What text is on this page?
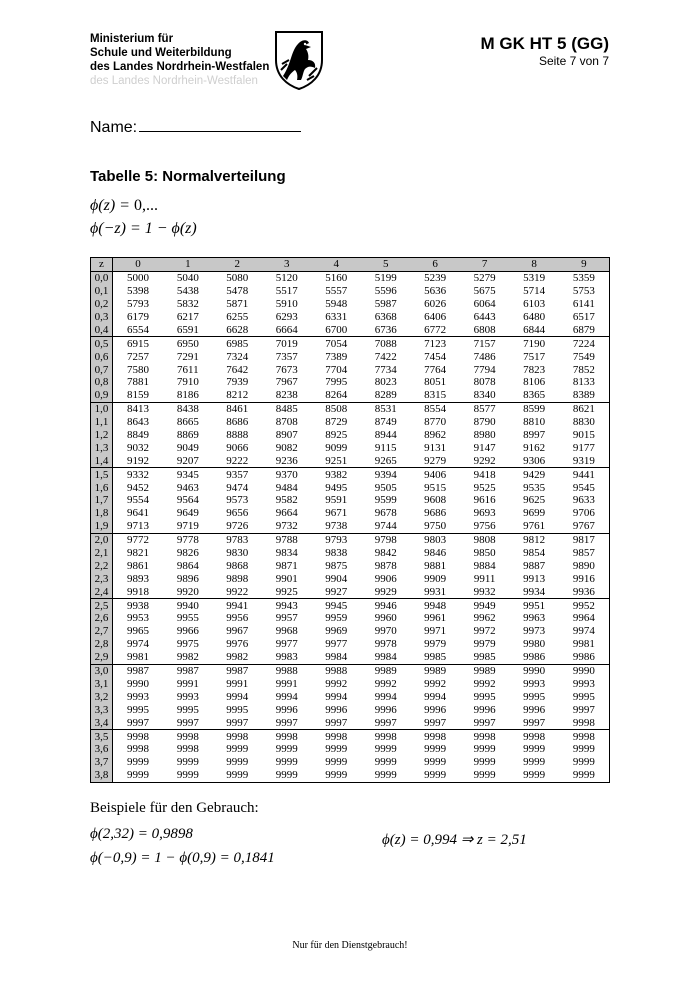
Ministerium für
Schule und Weiterbildung
des Landes Nordrhein-Westfalen
des Landes Nordrhein-Westfalen
M GK HT 5 (GG)
Seite 7 von 7
Name:
Tabelle 5: Normalverteilung
ϕ(z) = 0,...
ϕ(−z) = 1 − ϕ(z)
z	0	1	2	3	4	5	6	7	8	9
0,0	5000	5040	5080	5120	5160	5199	5239	5279	5319	5359
0,1	5398	5438	5478	5517	5557	5596	5636	5675	5714	5753
0,2	5793	5832	5871	5910	5948	5987	6026	6064	6103	6141
0,3	6179	6217	6255	6293	6331	6368	6406	6443	6480	6517
0,4	6554	6591	6628	6664	6700	6736	6772	6808	6844	6879
0,5	6915	6950	6985	7019	7054	7088	7123	7157	7190	7224
0,6	7257	7291	7324	7357	7389	7422	7454	7486	7517	7549
0,7	7580	7611	7642	7673	7704	7734	7764	7794	7823	7852
0,8	7881	7910	7939	7967	7995	8023	8051	8078	8106	8133
0,9	8159	8186	8212	8238	8264	8289	8315	8340	8365	8389
1,0	8413	8438	8461	8485	8508	8531	8554	8577	8599	8621
1,1	8643	8665	8686	8708	8729	8749	8770	8790	8810	8830
1,2	8849	8869	8888	8907	8925	8944	8962	8980	8997	9015
1,3	9032	9049	9066	9082	9099	9115	9131	9147	9162	9177
1,4	9192	9207	9222	9236	9251	9265	9279	9292	9306	9319
1,5	9332	9345	9357	9370	9382	9394	9406	9418	9429	9441
1,6	9452	9463	9474	9484	9495	9505	9515	9525	9535	9545
1,7	9554	9564	9573	9582	9591	9599	9608	9616	9625	9633
1,8	9641	9649	9656	9664	9671	9678	9686	9693	9699	9706
1,9	9713	9719	9726	9732	9738	9744	9750	9756	9761	9767
2,0	9772	9778	9783	9788	9793	9798	9803	9808	9812	9817
2,1	9821	9826	9830	9834	9838	9842	9846	9850	9854	9857
2,2	9861	9864	9868	9871	9875	9878	9881	9884	9887	9890
2,3	9893	9896	9898	9901	9904	9906	9909	9911	9913	9916
2,4	9918	9920	9922	9925	9927	9929	9931	9932	9934	9936
2,5	9938	9940	9941	9943	9945	9946	9948	9949	9951	9952
2,6	9953	9955	9956	9957	9959	9960	9961	9962	9963	9964
2,7	9965	9966	9967	9968	9969	9970	9971	9972	9973	9974
2,8	9974	9975	9976	9977	9977	9978	9979	9979	9980	9981
2,9	9981	9982	9982	9983	9984	9984	9985	9985	9986	9986
3,0	9987	9987	9987	9988	9988	9989	9989	9989	9990	9990
3,1	9990	9991	9991	9991	9992	9992	9992	9992	9993	9993
3,2	9993	9993	9994	9994	9994	9994	9994	9995	9995	9995
3,3	9995	9995	9995	9996	9996	9996	9996	9996	9996	9997
3,4	9997	9997	9997	9997	9997	9997	9997	9997	9997	9998
3,5	9998	9998	9998	9998	9998	9998	9998	9998	9998	9998
3,6	9998	9998	9999	9999	9999	9999	9999	9999	9999	9999
3,7	9999	9999	9999	9999	9999	9999	9999	9999	9999	9999
3,8	9999	9999	9999	9999	9999	9999	9999	9999	9999	9999
Beispiele für den Gebrauch:
ϕ(2,32) = 0,9898
ϕ(−0,9) = 1 − ϕ(0,9) = 0,1841
ϕ(z) = 0,994 ⇒ z = 2,51
Nur für den Dienstgebrauch!
